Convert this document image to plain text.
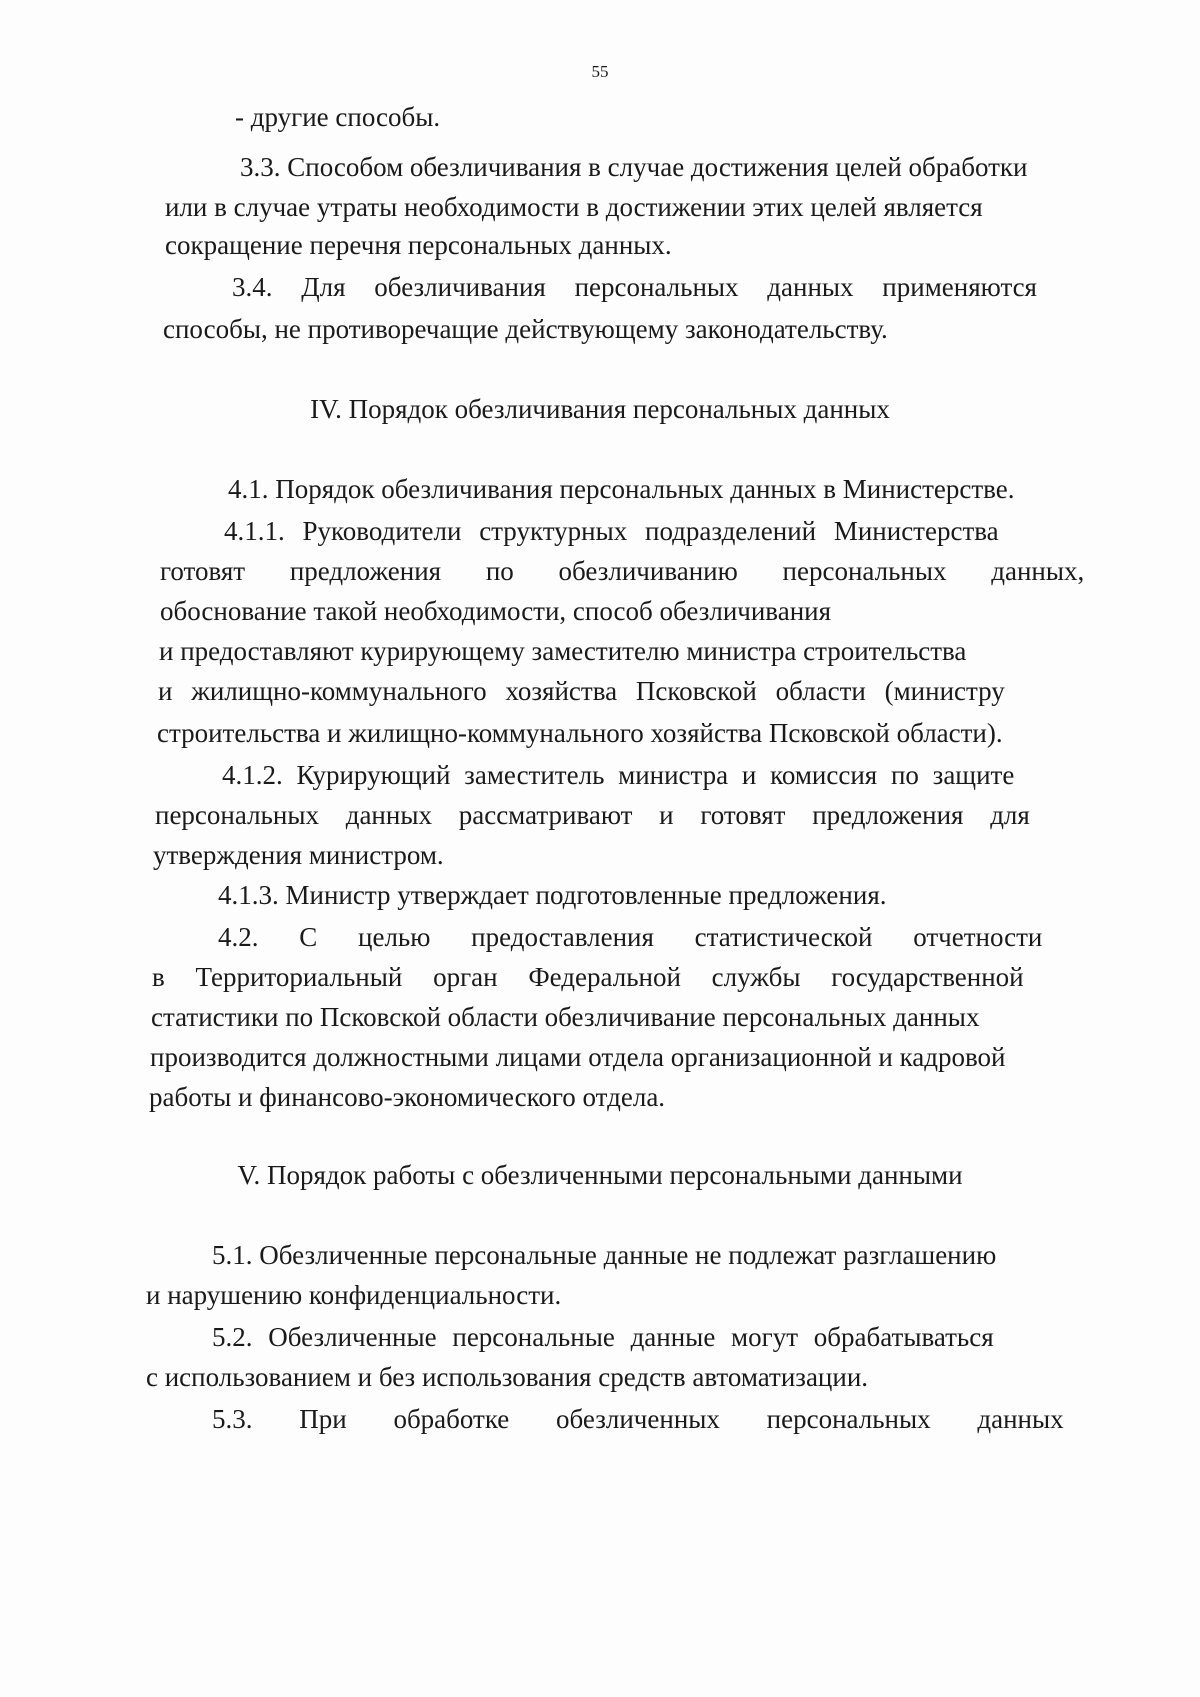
55
- другие способы.
3.3. Способом обезличивания в случае достижения целей обработки
или в случае утраты необходимости в достижении этих целей является
сокращение перечня персональных данных.
3.4. Для обезличивания персональных данных применяются
способы, не противоречащие действующему законодательству.
IV. Порядок обезличивания персональных данных
4.1. Порядок обезличивания персональных данных в Министерстве.
4.1.1. Руководители структурных подразделений Министерства
готовят предложения по обезличиванию персональных данных,
обоснование такой необходимости, способ обезличивания
и предоставляют курирующему заместителю министра строительства
и жилищно-коммунального хозяйства Псковской области (министру
строительства и жилищно-коммунального хозяйства Псковской области).
4.1.2. Курирующий заместитель министра и комиссия по защите
персональных данных рассматривают и готовят предложения для
утверждения министром.
4.1.3. Министр утверждает подготовленные предложения.
4.2. С целью предоставления статистической отчетности
в Территориальный орган Федеральной службы государственной
статистики по Псковской области обезличивание персональных данных
производится должностными лицами отдела организационной и кадровой
работы и финансово-экономического отдела.
V. Порядок работы с обезличенными персональными данными
5.1. Обезличенные персональные данные не подлежат разглашению
и нарушению конфиденциальности.
5.2. Обезличенные персональные данные могут обрабатываться
с использованием и без использования средств автоматизации.
5.3. При обработке обезличенных персональных данных
